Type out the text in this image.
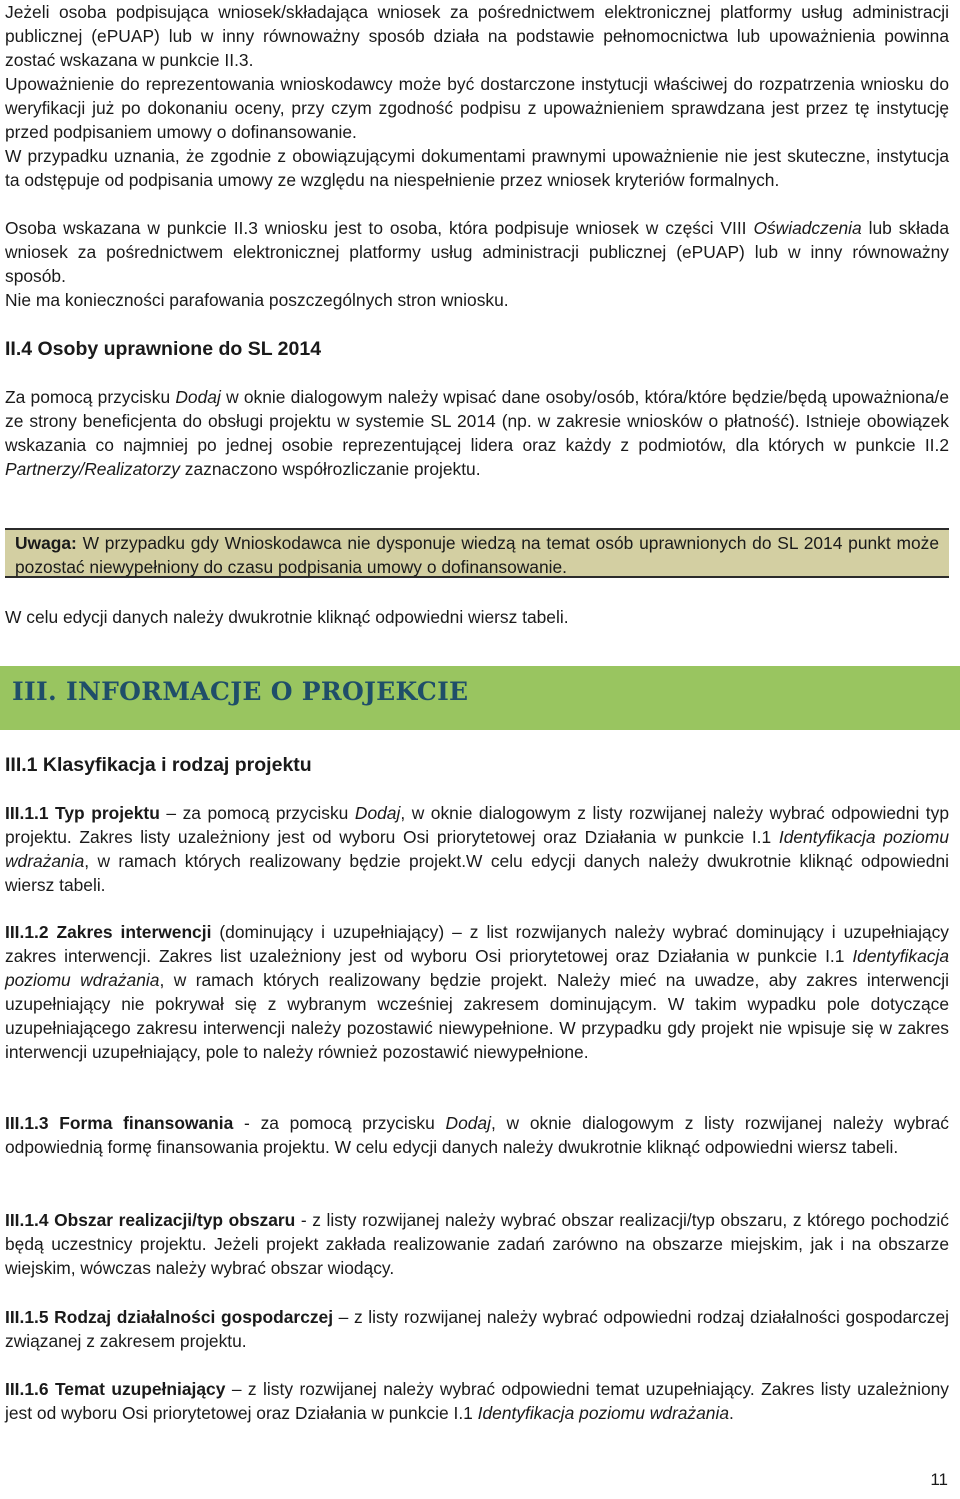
Jeżeli osoba podpisująca wniosek/składająca wniosek za pośrednictwem elektronicznej platformy usług administracji publicznej (ePUAP) lub w inny równoważny sposób działa na podstawie pełnomocnictwa lub upoważnienia powinna zostać wskazana w punkcie II.3.

Upoważnienie do reprezentowania wnioskodawcy może być dostarczone instytucji właściwej do rozpatrzenia wniosku do weryfikacji już po dokonaniu oceny, przy czym zgodność podpisu z upoważnieniem sprawdzana jest przez tę instytucję przed podpisaniem umowy o dofinansowanie.

W przypadku uznania, że zgodnie z obowiązującymi dokumentami prawnymi upoważnienie nie jest skuteczne, instytucja ta odstępuje od podpisania umowy ze względu na niespełnienie przez wniosek kryteriów formalnych.

Osoba wskazana w punkcie II.3 wniosku jest to osoba, która podpisuje wniosek w części VIII Oświadczenia lub składa wniosek za pośrednictwem elektronicznej platformy usług administracji publicznej (ePUAP) lub w inny równoważny sposób.

Nie ma konieczności parafowania poszczególnych stron wniosku.

II.4 Osoby uprawnione do SL 2014

Za pomocą przycisku Dodaj w oknie dialogowym należy wpisać dane osoby/osób, która/które będzie/będą upoważniona/e ze strony beneficjenta do obsługi projektu w systemie SL 2014 (np. w zakresie wniosków o płatność). Istnieje obowiązek wskazania co najmniej po jednej osobie reprezentującej lidera oraz każdy z podmiotów, dla których w punkcie II.2 Partnerzy/Realizatorzy zaznaczono współrozliczanie projektu.

Uwaga: W przypadku gdy Wnioskodawca nie dysponuje wiedzą na temat osób uprawnionych do SL 2014 punkt może pozostać niewypełniony do czasu podpisania umowy o dofinansowanie.

W celu edycji danych należy dwukrotnie kliknąć odpowiedni wiersz tabeli.

III. INFORMACJE O PROJEKCIE

III.1 Klasyfikacja i rodzaj projektu

III.1.1 Typ projektu – za pomocą przycisku Dodaj, w oknie dialogowym z listy rozwijanej należy wybrać odpowiedni typ projektu. Zakres listy uzależniony jest od wyboru Osi priorytetowej oraz Działania w punkcie I.1 Identyfikacja poziomu wdrażania, w ramach których realizowany będzie projekt.W celu edycji danych należy dwukrotnie kliknąć odpowiedni wiersz tabeli.

III.1.2 Zakres interwencji (dominujący i uzupełniający) – z list rozwijanych należy wybrać dominujący i uzupełniający zakres interwencji. Zakres list uzależniony jest od wyboru Osi priorytetowej oraz Działania w punkcie I.1 Identyfikacja poziomu wdrażania, w ramach których realizowany będzie projekt. Należy mieć na uwadze, aby zakres interwencji uzupełniający nie pokrywał się z wybranym wcześniej zakresem dominującym. W takim wypadku pole dotyczące uzupełniającego zakresu interwencji należy pozostawić niewypełnione. W przypadku gdy projekt nie wpisuje się w zakres interwencji uzupełniający, pole to należy również pozostawić niewypełnione.

III.1.3 Forma finansowania - za pomocą przycisku Dodaj, w oknie dialogowym z listy rozwijanej należy wybrać odpowiednią formę finansowania projektu. W celu edycji danych należy dwukrotnie kliknąć odpowiedni wiersz tabeli.

III.1.4 Obszar realizacji/typ obszaru - z listy rozwijanej należy wybrać obszar realizacji/typ obszaru, z którego pochodzić będą uczestnicy projektu. Jeżeli projekt zakłada realizowanie zadań zarówno na obszarze miejskim, jak i na obszarze wiejskim, wówczas należy wybrać obszar wiodący.

III.1.5 Rodzaj działalności gospodarczej – z listy rozwijanej należy wybrać odpowiedni rodzaj działalności gospodarczej związanej z zakresem projektu.

III.1.6 Temat uzupełniający – z listy rozwijanej należy wybrać odpowiedni temat uzupełniający. Zakres listy uzależniony jest od wyboru Osi priorytetowej oraz Działania w punkcie I.1 Identyfikacja poziomu wdrażania.

11
